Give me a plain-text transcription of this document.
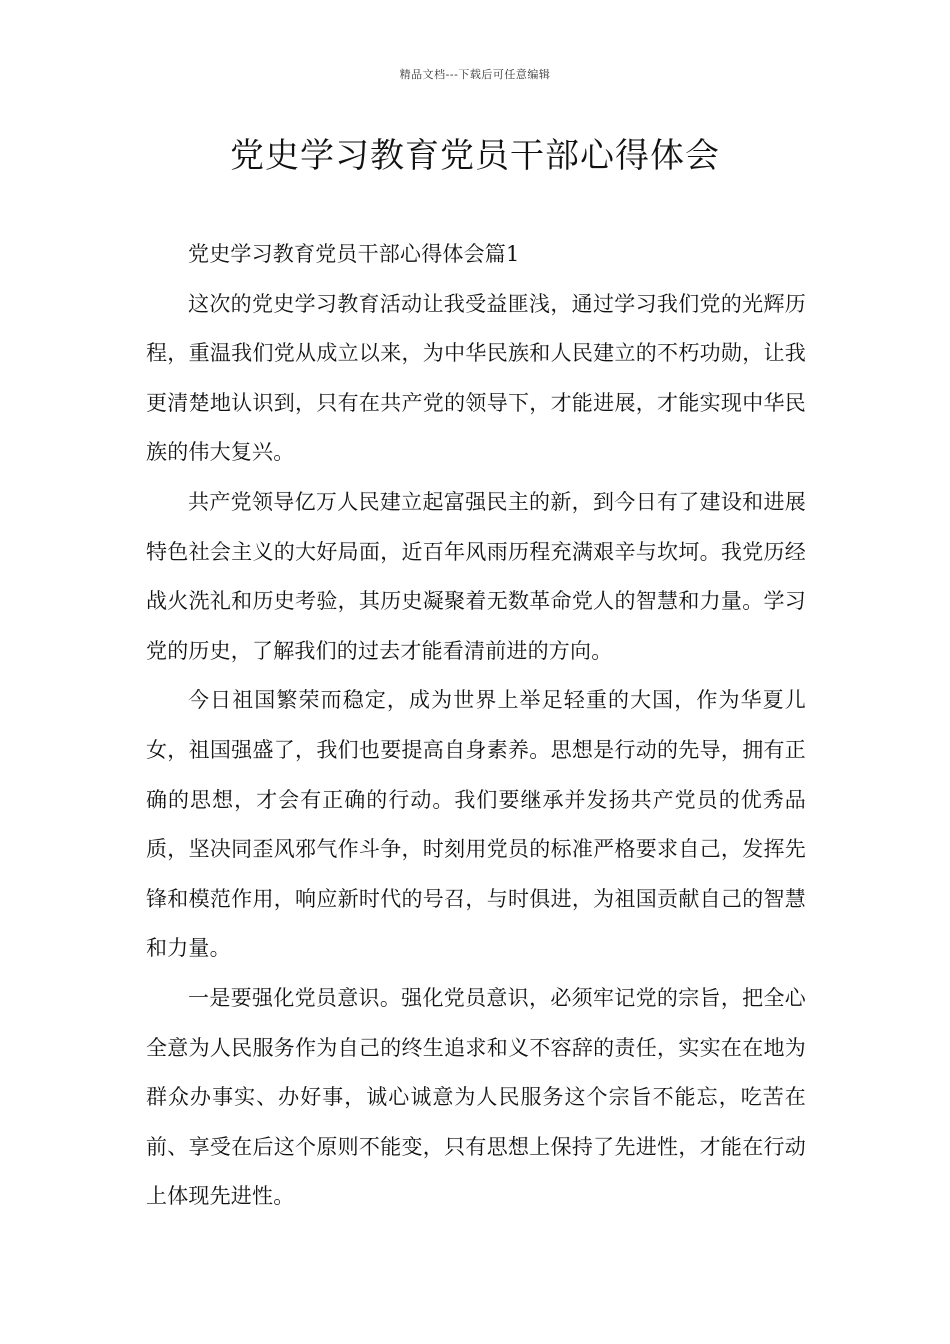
精品文档---下载后可任意编辑
党史学习教育党员干部心得体会

党史学习教育党员干部心得体会篇1

这次的党史学习教育活动让我受益匪浅，通过学习我们党的光辉历程，重温我们党从成立以来，为中华民族和人民建立的不朽功勋，让我更清楚地认识到，只有在共产党的领导下，才能进展，才能实现中华民族的伟大复兴。

共产党领导亿万人民建立起富强民主的新，到今日有了建设和进展特色社会主义的大好局面，近百年风雨历程充满艰辛与坎坷。我党历经战火洗礼和历史考验，其历史凝聚着无数革命党人的智慧和力量。学习党的历史，了解我们的过去才能看清前进的方向。

今日祖国繁荣而稳定，成为世界上举足轻重的大国，作为华夏儿女，祖国强盛了，我们也要提高自身素养。思想是行动的先导，拥有正确的思想，才会有正确的行动。我们要继承并发扬共产党员的优秀品质，坚决同歪风邪气作斗争，时刻用党员的标准严格要求自己，发挥先锋和模范作用，响应新时代的号召，与时俱进，为祖国贡献自己的智慧和力量。

一是要强化党员意识。强化党员意识，必须牢记党的宗旨，把全心全意为人民服务作为自己的终生追求和义不容辞的责任，实实在在地为群众办事实、办好事，诚心诚意为人民服务这个宗旨不能忘，吃苦在前、享受在后这个原则不能变，只有思想上保持了先进性，才能在行动上体现先进性。
